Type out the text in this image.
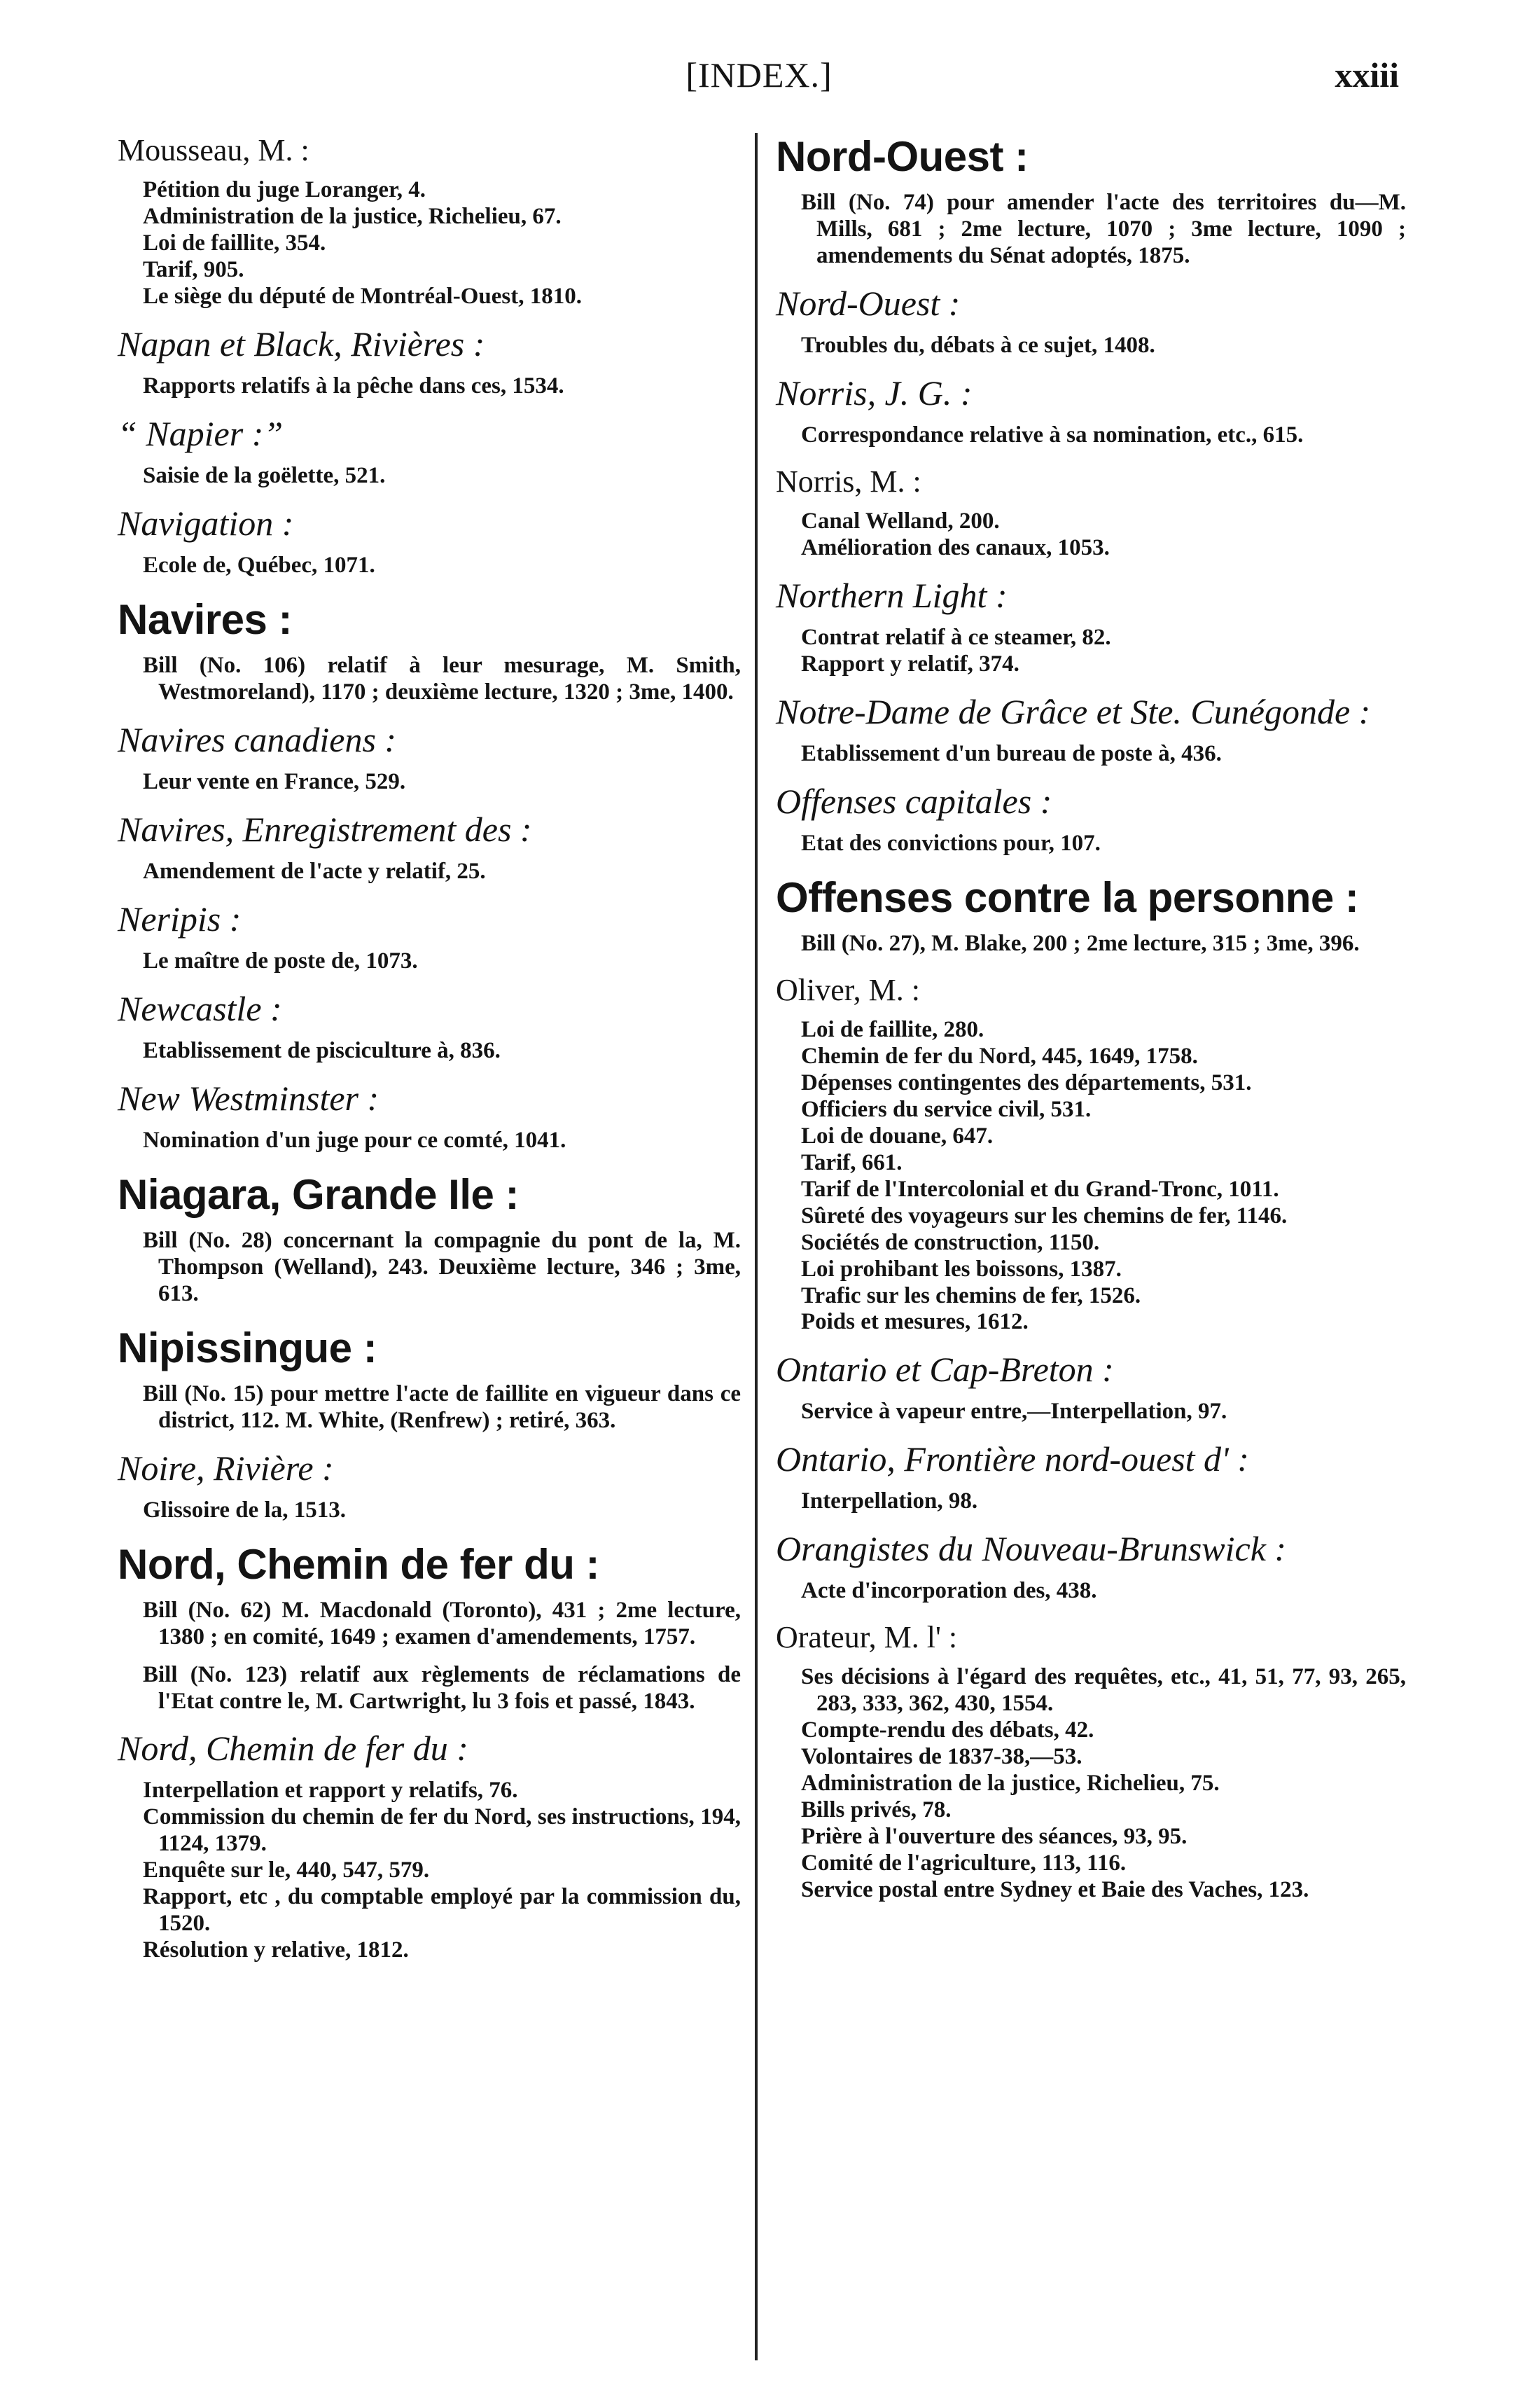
[INDEX.]	xxiii
Mousseau, M. :
Pétition du juge Loranger, 4.
Administration de la justice, Richelieu, 67.
Loi de faillite, 354.
Tarif, 905.
Le siège du député de Montréal-Ouest, 1810.
Napan et Black, Rivières :
Rapports relatifs à la pêche dans ces, 1534.
“ Napier :”
Saisie de la goëlette, 521.
Navigation :
Ecole de, Québec, 1071.
Navires :
Bill (No. 106) relatif à leur mesurage, M. Smith, Westmoreland), 1170 ; deuxième lecture, 1320 ; 3me, 1400.
Navires canadiens :
Leur vente en France, 529.
Navires, Enregistrement des :
Amendement de l'acte y relatif, 25.
Neripis :
Le maître de poste de, 1073.
Newcastle :
Etablissement de pisciculture à, 836.
New Westminster :
Nomination d'un juge pour ce comté, 1041.
Niagara, Grande Ile :
Bill (No. 28) concernant la compagnie du pont de la, M. Thompson (Welland), 243. Deuxième lecture, 346 ; 3me, 613.
Nipissingue :
Bill (No. 15) pour mettre l'acte de faillite en vigueur dans ce district, 112. M. White, (Renfrew) ; retiré, 363.
Noire, Rivière :
Glissoire de la, 1513.
Nord, Chemin de fer du :
Bill (No. 62) M. Macdonald (Toronto), 431 ; 2me lecture, 1380 ; en comité, 1649 ; examen d'amendements, 1757.
Bill (No. 123) relatif aux règlements de réclamations de l'Etat contre le, M. Cartwright, lu 3 fois et passé, 1843.
Nord, Chemin de fer du :
Interpellation et rapport y relatifs, 76.
Commission du chemin de fer du Nord, ses instructions, 194, 1124, 1379.
Enquête sur le, 440, 547, 579.
Rapport, etc , du comptable employé par la commission du, 1520.
Résolution y relative, 1812.
Nord-Ouest :
Bill (No. 74) pour amender l'acte des territoires du—M. Mills, 681 ; 2me lecture, 1070 ; 3me lecture, 1090 ; amendements du Sénat adoptés, 1875.
Nord-Ouest :
Troubles du, débats à ce sujet, 1408.
Norris, J. G. :
Correspondance relative à sa nomination, etc., 615.
Norris, M. :
Canal Welland, 200.
Amélioration des canaux, 1053.
Northern Light :
Contrat relatif à ce steamer, 82.
Rapport y relatif, 374.
Notre-Dame de Grâce et Ste. Cunégonde :
Etablissement d'un bureau de poste à, 436.
Offenses capitales :
Etat des convictions pour, 107.
Offenses contre la personne :
Bill (No. 27), M. Blake, 200 ; 2me lecture, 315 ; 3me, 396.
Oliver, M. :
Loi de faillite, 280.
Chemin de fer du Nord, 445, 1649, 1758.
Dépenses contingentes des départements, 531.
Officiers du service civil, 531.
Loi de douane, 647.
Tarif, 661.
Tarif de l'Intercolonial et du Grand-Tronc, 1011.
Sûreté des voyageurs sur les chemins de fer, 1146.
Sociétés de construction, 1150.
Loi prohibant les boissons, 1387.
Trafic sur les chemins de fer, 1526.
Poids et mesures, 1612.
Ontario et Cap-Breton :
Service à vapeur entre,—Interpellation, 97.
Ontario, Frontière nord-ouest d' :
Interpellation, 98.
Orangistes du Nouveau-Brunswick :
Acte d'incorporation des, 438.
Orateur, M. l' :
Ses décisions à l'égard des requêtes, etc., 41, 51, 77, 93, 265, 283, 333, 362, 430, 1554.
Compte-rendu des débats, 42.
Volontaires de 1837-38,—53.
Administration de la justice, Richelieu, 75.
Bills privés, 78.
Prière à l'ouverture des séances, 93, 95.
Comité de l'agriculture, 113, 116.
Service postal entre Sydney et Baie des Vaches, 123.
